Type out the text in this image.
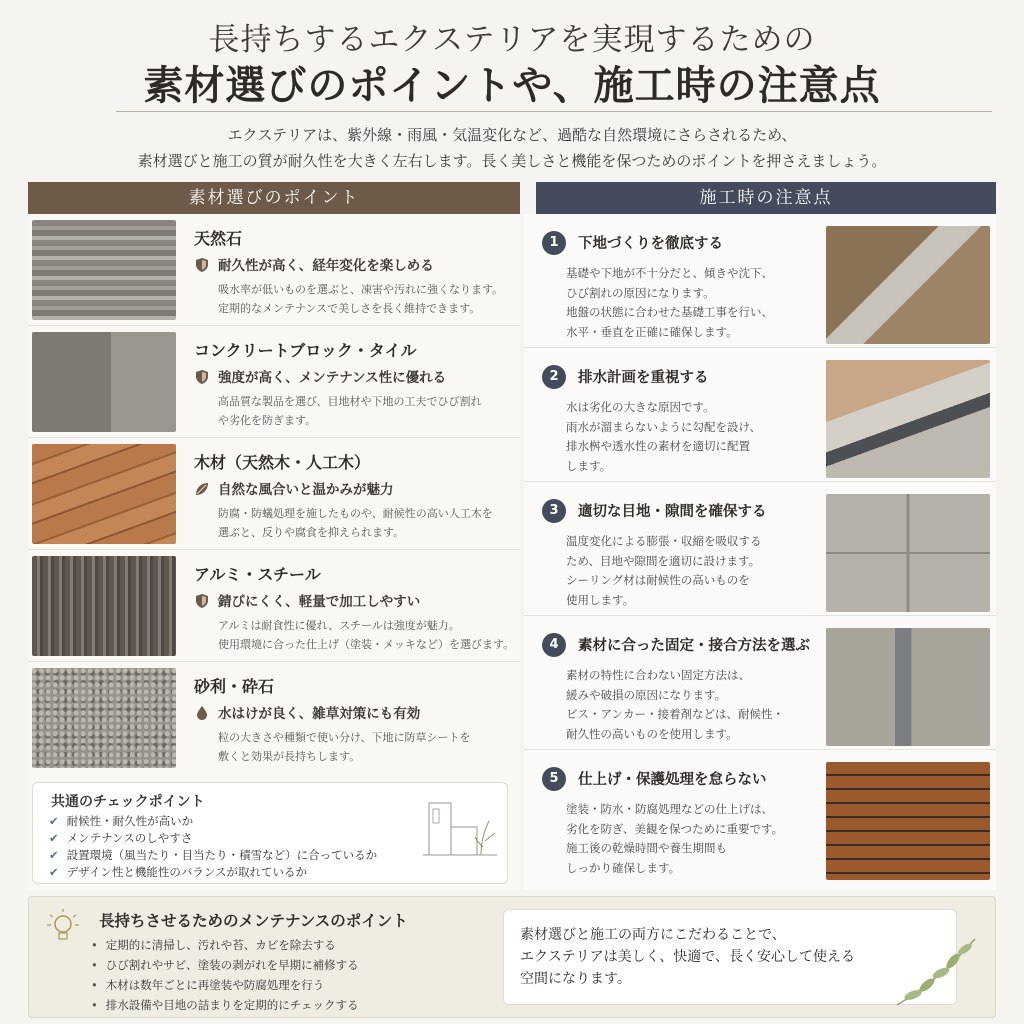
長持ちするエクステリアを実現するための
素材選びのポイントや、施工時の注意点
エクステリアは、紫外線・雨風・気温変化など、過酷な自然環境にさらされるため、
素材選びと施工の質が耐久性を大きく左右します。長く美しさと機能を保つためのポイントを押さえましょう。
素材選びのポイント	施工時の注意点
天然石
耐久性が高く、経年変化を楽しめる
吸水率が低いものを選ぶと、凍害や汚れに強くなります。
定期的なメンテナンスで美しさを長く維持できます。
コンクリートブロック・タイル
強度が高く、メンテナンス性に優れる
高品質な製品を選び、目地材や下地の工夫でひび割れ
や劣化を防ぎます。
木材（天然木・人工木）
自然な風合いと温かみが魅力
防腐・防蟻処理を施したものや、耐候性の高い人工木を
選ぶと、反りや腐食を抑えられます。
アルミ・スチール
錆びにくく、軽量で加工しやすい
アルミは耐食性に優れ、スチールは強度が魅力。
使用環境に合った仕上げ（塗装・メッキなど）を選びます。
砂利・砕石
水はけが良く、雑草対策にも有効
粒の大きさや種類で使い分け、下地に防草シートを
敷くと効果が長持ちします。
共通のチェックポイント
✔ 耐候性・耐久性が高いか
✔ メンテナンスのしやすさ
✔ 設置環境（風当たり・目当たり・積雪など）に合っているか
✔ デザイン性と機能性のバランスが取れているか
1	下地づくりを徹底する
基礎や下地が不十分だと、傾きや沈下、
ひび割れの原因になります。
地盤の状態に合わせた基礎工事を行い、
水平・垂直を正確に確保します。
2	排水計画を重視する
水は劣化の大きな原因です。
雨水が溜まらないように勾配を設け、
排水桝や透水性の素材を適切に配置
します。
3	適切な目地・隙間を確保する
温度変化による膨張・収縮を吸収する
ため、目地や隙間を適切に設けます。
シーリング材は耐候性の高いものを
使用します。
4	素材に合った固定・接合方法を選ぶ
素材の特性に合わない固定方法は、
緩みや破損の原因になります。
ビス・アンカー・接着剤などは、耐候性・
耐久性の高いものを使用します。
5	仕上げ・保護処理を怠らない
塗装・防水・防腐処理などの仕上げは、
劣化を防ぎ、美観を保つために重要です。
施工後の乾燥時間や養生期間も
しっかり確保します。
長持ちさせるためのメンテナンスのポイント
• 定期的に清掃し、汚れや苔、カビを除去する
• ひび割れやサビ、塗装の剥がれを早期に補修する
• 木材は数年ごとに再塗装や防腐処理を行う
• 排水設備や目地の詰まりを定期的にチェックする
素材選びと施工の両方にこだわることで、
エクステリアは美しく、快適で、長く安心して使える
空間になります。
